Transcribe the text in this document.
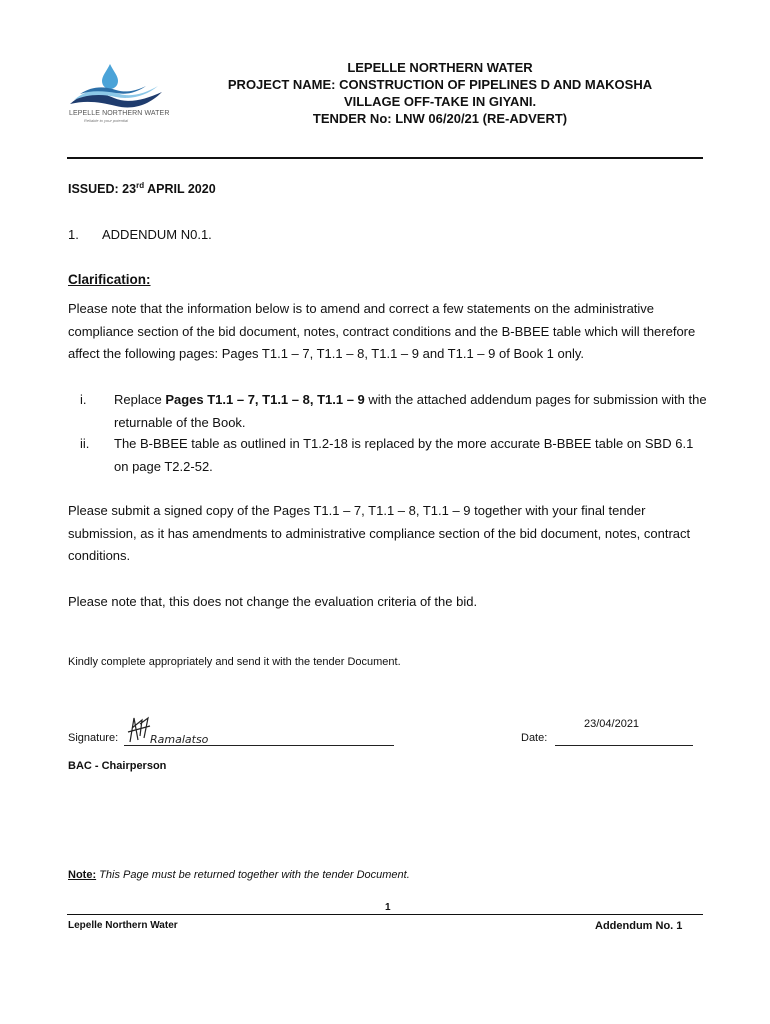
LEPELLE NORTHERN WATER
Reliable to your potential
LEPELLE NORTHERN WATER
PROJECT NAME: CONSTRUCTION OF PIPELINES D AND MAKOSHA
VILLAGE OFF-TAKE IN GIYANI.
TENDER No: LNW 06/20/21 (RE-ADVERT)
ISSUED: 23rd APRIL 2020
1. ADDENDUM N0.1.
Clarification:
Please note that the information below is to amend and correct a few statements on the administrative compliance section of the bid document, notes, contract conditions and the B-BBEE table which will therefore affect the following pages: Pages T1.1 – 7, T1.1 – 8, T1.1 – 9 and T1.1 – 9 of Book 1 only.
i. Replace Pages T1.1 – 7, T1.1 – 8, T1.1 – 9 with the attached addendum pages for submission with the returnable of the Book.
ii. The B-BBEE table as outlined in T1.2-18 is replaced by the more accurate B-BBEE table on SBD 6.1 on page T2.2-52.
Please submit a signed copy of the Pages T1.1 – 7, T1.1 – 8, T1.1 – 9 together with your final tender submission, as it has amendments to administrative compliance section of the bid document, notes, contract conditions.
Please note that, this does not change the evaluation criteria of the bid.
Kindly complete appropriately and send it with the tender Document.
23/04/2021
Signature:	Ramalatso	Date:
BAC - Chairperson
Note: This Page must be returned together with the tender Document.
1
Lepelle Northern Water	Addendum No. 1
